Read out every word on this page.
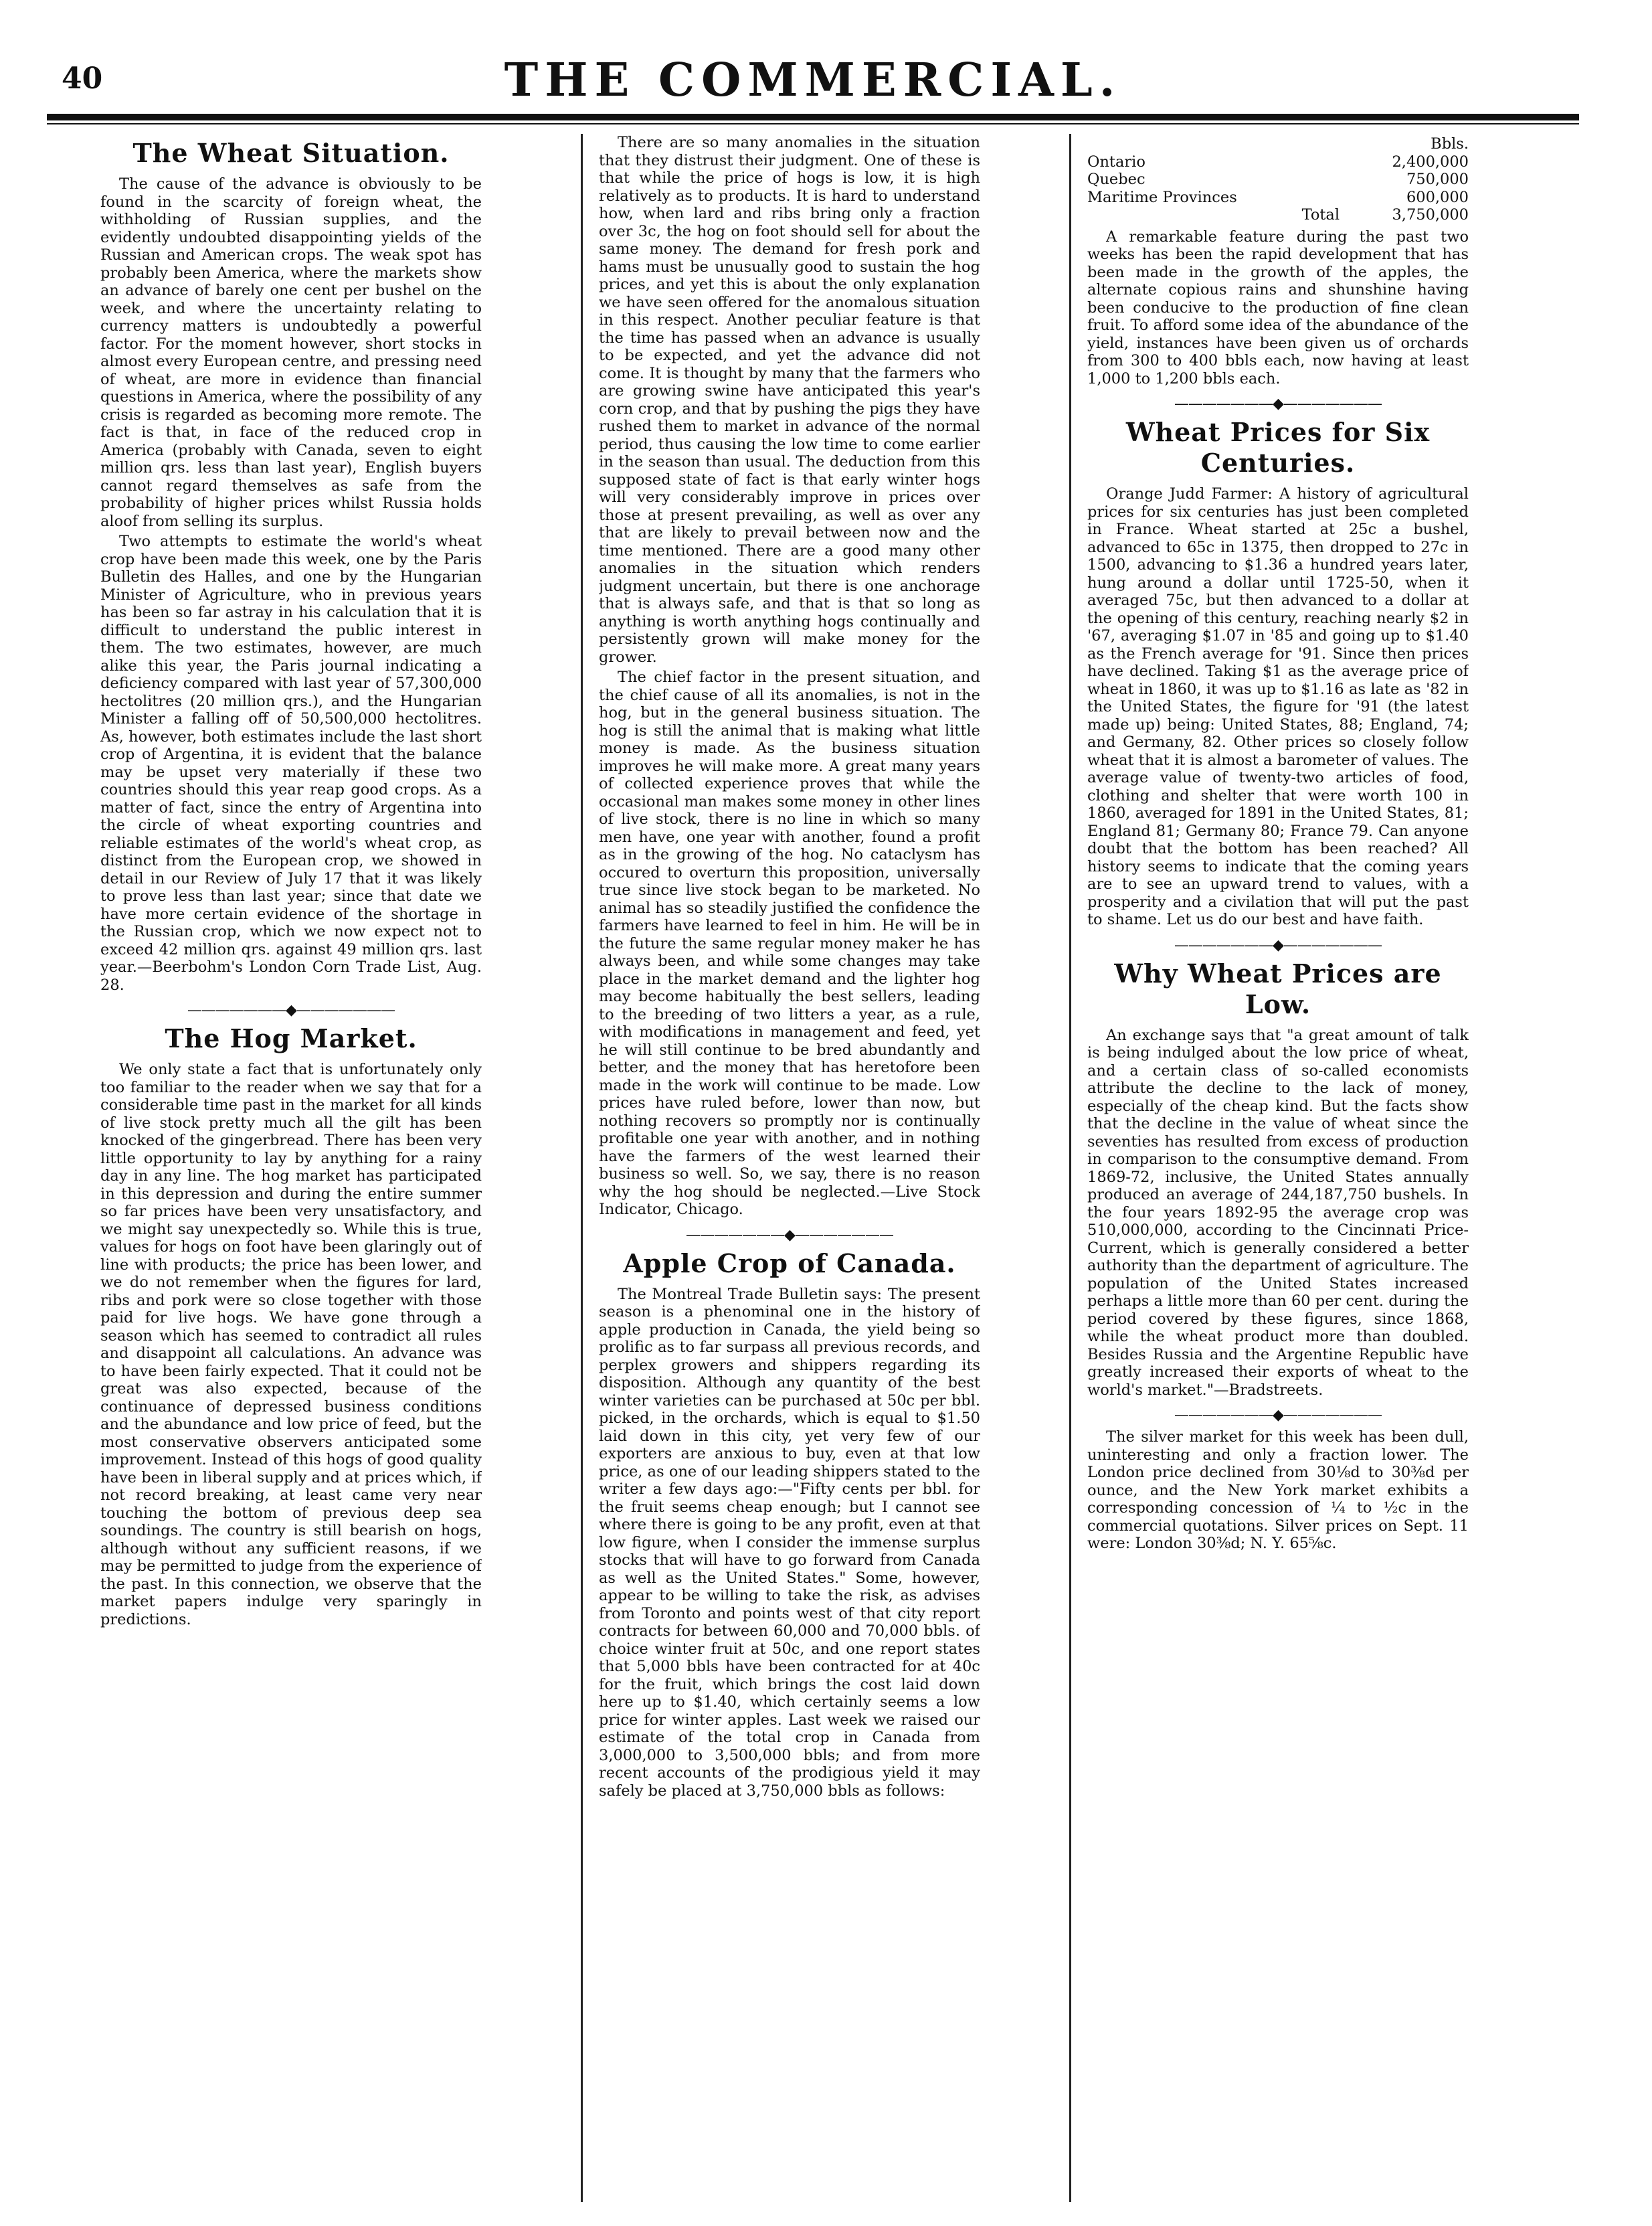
40	THE COMMERCIAL.
The Wheat Situation.

The cause of the advance is obviously to be found in the scarcity of foreign wheat, the withholding of Russian supplies, and the evidently undoubted disappointing yields of the Russian and American crops. The weak spot has probably been America, where the markets show an advance of barely one cent per bushel on the week, and where the uncertainty relating to currency matters is undoubtedly a powerful factor. For the moment however, short stocks in almost every European centre, and pressing need of wheat, are more in evidence than financial questions in America, where the possibility of any crisis is regarded as becoming more remote. The fact is that, in face of the reduced crop in America (probably with Canada, seven to eight million qrs. less than last year), English buyers cannot regard themselves as safe from the probability of higher prices whilst Russia holds aloof from selling its surplus.

Two attempts to estimate the world's wheat crop have been made this week, one by the Paris Bulletin des Halles, and one by the Hungarian Minister of Agriculture, who in previous years has been so far astray in his calculation that it is difficult to understand the public interest in them. The two estimates, however, are much alike this year, the Paris journal indicating a deficiency compared with last year of 57,300,000 hectolitres (20 million qrs.), and the Hungarian Minister a falling off of 50,500,000 hectolitres. As, however, both estimates include the last short crop of Argentina, it is evident that the balance may be upset very materially if these two countries should this year reap good crops. As a matter of fact, since the entry of Argentina into the circle of wheat exporting countries and reliable estimates of the world's wheat crop, as distinct from the European crop, we showed in detail in our Review of July 17 that it was likely to prove less than last year; since that date we have more certain evidence of the shortage in the Russian crop, which we now expect not to exceed 42 million qrs. against 49 million qrs. last year.—Beerbohm's London Corn Trade List, Aug. 28.

———————◆———————
The Hog Market.

We only state a fact that is unfortunately only too familiar to the reader when we say that for a considerable time past in the market for all kinds of live stock pretty much all the gilt has been knocked of the gingerbread. There has been very little opportunity to lay by anything for a rainy day in any line. The hog market has participated in this depression and during the entire summer so far prices have been very unsatisfactory, and we might say unexpectedly so. While this is true, values for hogs on foot have been glaringly out of line with products; the price has been lower, and we do not remember when the figures for lard, ribs and pork were so close together with those paid for live hogs. We have gone through a season which has seemed to contradict all rules and disappoint all calculations. An advance was to have been fairly expected. That it could not be great was also expected, because of the continuance of depressed business conditions and the abundance and low price of feed, but the most conservative observers anticipated some improvement. Instead of this hogs of good quality have been in liberal supply and at prices which, if not record breaking, at least came very near touching the bottom of previous deep sea soundings. The country is still bearish on hogs, although without any sufficient reasons, if we may be permitted to judge from the experience of the past. In this connection, we observe that the market papers indulge very sparingly in predictions.

There are so many anomalies in the situation that they distrust their judgment. One of these is that while the price of hogs is low, it is high relatively as to products. It is hard to understand how, when lard and ribs bring only a fraction over 3c, the hog on foot should sell for about the same money. The demand for fresh pork and hams must be unusually good to sustain the hog prices, and yet this is about the only explanation we have seen offered for the anomalous situation in this respect. Another peculiar feature is that the time has passed when an advance is usually to be expected, and yet the advance did not come. It is thought by many that the farmers who are growing swine have anticipated this year's corn crop, and that by pushing the pigs they have rushed them to market in advance of the normal period, thus causing the low time to come earlier in the season than usual. The deduction from this supposed state of fact is that early winter hogs will very considerably improve in prices over those at present prevailing, as well as over any that are likely to prevail between now and the time mentioned. There are a good many other anomalies in the situation which renders judgment uncertain, but there is one anchorage that is always safe, and that is that so long as anything is worth anything hogs continually and persistently grown will make money for the grower.

The chief factor in the present situation, and the chief cause of all its anomalies, is not in the hog, but in the general business situation. The hog is still the animal that is making what little money is made. As the business situation improves he will make more. A great many years of collected experience proves that while the occasional man makes some money in other lines of live stock, there is no line in which so many men have, one year with another, found a profit as in the growing of the hog. No cataclysm has occured to overturn this proposition, universally true since live stock began to be marketed. No animal has so steadily justified the confidence the farmers have learned to feel in him. He will be in the future the same regular money maker he has always been, and while some changes may take place in the market demand and the lighter hog may become habitually the best sellers, leading to the breeding of two litters a year, as a rule, with modifications in management and feed, yet he will still continue to be bred abundantly and better, and the money that has heretofore been made in the work will continue to be made. Low prices have ruled before, lower than now, but nothing recovers so promptly nor is continually profitable one year with another, and in nothing have the farmers of the west learned their business so well. So, we say, there is no reason why the hog should be neglected.—Live Stock Indicator, Chicago.

———————◆———————
Apple Crop of Canada.

The Montreal Trade Bulletin says: The present season is a phenominal one in the history of apple production in Canada, the yield being so prolific as to far surpass all previous records, and perplex growers and shippers regarding its disposition. Although any quantity of the best winter varieties can be purchased at 50c per bbl. picked, in the orchards, which is equal to $1.50 laid down in this city, yet very few of our exporters are anxious to buy, even at that low price, as one of our leading shippers stated to the writer a few days ago:—"Fifty cents per bbl. for the fruit seems cheap enough; but I cannot see where there is going to be any profit, even at that low figure, when I consider the immense surplus stocks that will have to go forward from Canada as well as the United States." Some, however, appear to be willing to take the risk, as advises from Toronto and points west of that city report contracts for between 60,000 and 70,000 bbls. of choice winter fruit at 50c, and one report states that 5,000 bbls have been contracted for at 40c for the fruit, which brings the cost laid down here up to $1.40, which certainly seems a low price for winter apples. Last week we raised our estimate of the total crop in Canada from 3,000,000 to 3,500,000 bbls; and from more recent accounts of the prodigious yield it may safely be placed at 3,750,000 bbls as follows:

	Bbls.
Ontario	2,400,000
Quebec	750,000
Maritime Provinces	600,000
Total	3,750,000

A remarkable feature during the past two weeks has been the rapid development that has been made in the growth of the apples, the alternate copious rains and shunshine having been conducive to the production of fine clean fruit. To afford some idea of the abundance of the yield, instances have been given us of orchards from 300 to 400 bbls each, now having at least 1,000 to 1,200 bbls each.

———————◆———————
Wheat Prices for Six Centuries.

Orange Judd Farmer: A history of agricultural prices for six centuries has just been completed in France. Wheat started at 25c a bushel, advanced to 65c in 1375, then dropped to 27c in 1500, advancing to $1.36 a hundred years later, hung around a dollar until 1725-50, when it averaged 75c, but then advanced to a dollar at the opening of this century, reaching nearly $2 in '67, averaging $1.07 in '85 and going up to $1.40 as the French average for '91. Since then prices have declined. Taking $1 as the average price of wheat in 1860, it was up to $1.16 as late as '82 in the United States, the figure for '91 (the latest made up) being: United States, 88; England, 74; and Germany, 82. Other prices so closely follow wheat that it is almost a barometer of values. The average value of twenty-two articles of food, clothing and shelter that were worth 100 in 1860, averaged for 1891 in the United States, 81; England 81; Germany 80; France 79. Can anyone doubt that the bottom has been reached? All history seems to indicate that the coming years are to see an upward trend to values, with a prosperity and a civilation that will put the past to shame. Let us do our best and have faith.

———————◆———————
Why Wheat Prices are Low.

An exchange says that "a great amount of talk is being indulged about the low price of wheat, and a certain class of so-called economists attribute the decline to the lack of money, especially of the cheap kind. But the facts show that the decline in the value of wheat since the seventies has resulted from excess of production in comparison to the consumptive demand. From 1869-72, inclusive, the United States annually produced an average of 244,187,750 bushels. In the four years 1892-95 the average crop was 510,000,000, according to the Cincinnati Price-Current, which is generally considered a better authority than the department of agriculture. The population of the United States increased perhaps a little more than 60 per cent. during the period covered by these figures, since 1868, while the wheat product more than doubled. Besides Russia and the Argentine Republic have greatly increased their exports of wheat to the world's market."—Bradstreets.

———————◆———————

The silver market for this week has been dull, uninteresting and only a fraction lower. The London price declined from 30⅛d to 30⅜d per ounce, and the New York market exhibits a corresponding concession of ¼ to ½c in the commercial quotations. Silver prices on Sept. 11 were: London 30⅜d; N. Y. 65⅝c.
